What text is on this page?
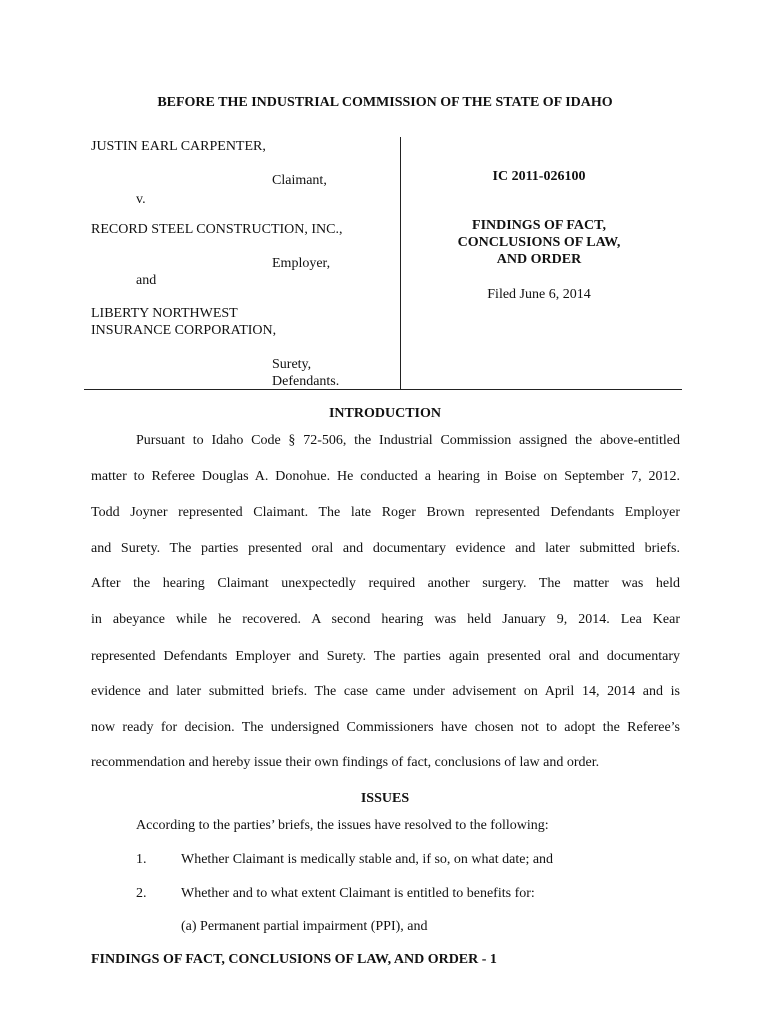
BEFORE THE INDUSTRIAL COMMISSION OF THE STATE OF IDAHO
JUSTIN EARL CARPENTER,
Claimant,
v.
RECORD STEEL CONSTRUCTION, INC.,
Employer,
and
LIBERTY NORTHWEST
INSURANCE CORPORATION,
Surety,
Defendants.
IC 2011-026100
FINDINGS OF FACT,
CONCLUSIONS OF LAW,
AND ORDER
Filed June 6, 2014
INTRODUCTION
Pursuant to Idaho Code § 72-506, the Industrial Commission assigned the above-entitled
matter to Referee Douglas A. Donohue. He conducted a hearing in Boise on September 7, 2012.
Todd Joyner represented Claimant. The late Roger Brown represented Defendants Employer
and Surety. The parties presented oral and documentary evidence and later submitted briefs.
After the hearing Claimant unexpectedly required another surgery. The matter was held
in abeyance while he recovered. A second hearing was held January 9, 2014. Lea Kear
represented Defendants Employer and Surety. The parties again presented oral and documentary
evidence and later submitted briefs. The case came under advisement on April 14, 2014 and is
now ready for decision. The undersigned Commissioners have chosen not to adopt the Referee’s
recommendation and hereby issue their own findings of fact, conclusions of law and order.
ISSUES
According to the parties’ briefs, the issues have resolved to the following:
1. Whether Claimant is medically stable and, if so, on what date; and
2. Whether and to what extent Claimant is entitled to benefits for:
(a) Permanent partial impairment (PPI), and
FINDINGS OF FACT, CONCLUSIONS OF LAW, AND ORDER - 1
